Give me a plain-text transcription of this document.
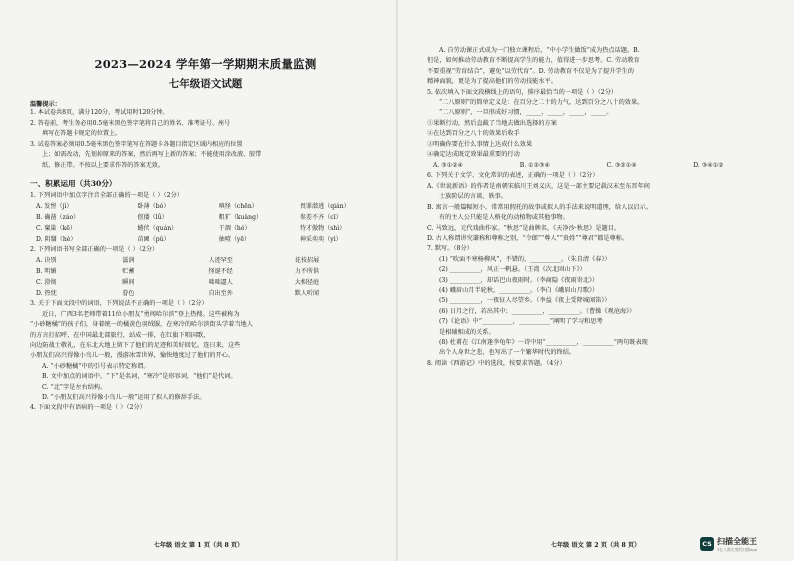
2023—2024 学年第一学期期末质量监测
七年级语文试题
温馨提示：
1. 本试卷共8页，满分120分，考试用时120分钟。
2. 答卷前，考生务必用0.5毫米黑色签字笔将自己的姓名、准考证号、座号
填写在答题卡规定的位置上。
3. 试卷答案必须用0.5毫米黑色签字笔写在答题卡各题目指定区域内相应的位置
上；如需改动，先划掉原来的答案，然后再写上新的答案；不能使用涂改液、胶带
纸、修正带。不按以上要求作答的答案无效。
一、积累运用（共30分）
1. 下列词语中加点字注音全部正确的一项是（ ）（2分）
A. 发髻（jì）	卧薄（bó）	嗔怪（chēn）	畏罪潜逃（qián）
B. 确凿（záo）	伛偻（lǚ）	粗犷（kuàng）	参差不齐（cī）
C. 窠巢（kē）	蜷伏（quán）	干涸（hé）	恃才傲物（shì）
D. 阴翳（hè）	苗圃（pǔ）	抽噎（yē）	神采奕奕（yì）
2. 下列词语书写全部正确的一项是（ ）（2分）
A. 诀别	滋润	人迹罕至	花枝招展
B. 明媚	贮蓄	怪诞不经	力不所供
C. 澄彻	瞬间	咄咄逼人	大相径庭
D. 热忱	眷色	自出至外	默人听闻
3. 关于下面文段中的词语，下列说法不正确的一项是（ ）（2分）
近日，广西3名老师带着11位小朋友“勇闯哈尔滨”登上热搜。这些被称为
“小砂糖橘”的孩子们，身着统一的橘黄色羽绒服，在寒冷的哈尔滨街头学着当地人
的方言打招呼，在中国最北部旅行，站成一排，在红旗下唱国歌，
向边防战士敬礼，在东北大地上留下了他们的足迹和美好回忆。连日来，这些
小朋友们高兴得像小鸟儿一般，漫游冰雪世界，愉快地度过了他们的开心。
A. “小砂糖橘”中的引号表示特定称谓。
B. 文中加点的词语中，“下”是名词，“寒冷”是形容词，“他们”是代词。
C. “北”字是左右结构。
D. “小朋友们高兴得像小鸟儿一般”运用了拟人的修辞手法。
4. 下面文段中有语病的一项是（ ）（2分）
七年级 语文 第 1 页（共 8 页）
A. 自劳动课正式成为一门独立课程后，“中小学生做饭”成为热点话题。B.
但是，如何推动劳动教育不断提高学生的能力，值得进一步思考。C. 劳动教育
不要重视“劳育结合”，避免“以劳代育”。D. 劳动教育不仅是为了提升学生的
精神面貌，更是为了提高他们的劳动技能水平。
5. 依次填入下面文段横线上的语句，排序最恰当的一项是（ ）（2分）
“二八原则”的简单定义是：在百分之二十的力气，达到百分之八十的效果。
“二八原则”，一旦形成好习惯，_____，_____，_____，_____。
①果断行动，然后直截了当地去做出选择的方案
②在达到百分之八十的效果后收手
③明确你要在什么事情上达成什么效果
④确定达成既定效果最重要的行动
A. ③①②④	B. ①②③④	C. ③②①④	D. ③④①②
6. 下列关于文学、文化常识的表述，正确的一项是（ ）（2分）
A.《世说新语》的作者是南朝宋临川王刘义庆，这是一部主要记载汉末至东晋年间
士族阶层的言谈、轶事。
B. 寓言一般篇幅短小，常常用假托的故事或拟人的手法来说明道理，给人以启示。
有的主人公只能是人格化的动植物或其他事物。
C. 马致远，元代戏曲作家。“秋思”是曲牌名，《天净沙·秋思》是题目。
D. 古人称谓讲究谦称和尊称之别，“令郎”“尊人”“贵姓”“尊君”都是尊称。
7. 默写。（8分）
(1) “吹面不寒杨柳风”，不错的，__________。（朱自清《春》）
(2) __________，风正一帆悬。（王湾《次北固山下》）
(3) __________，却话巴山夜雨时。（李商隐《夜雨寄北》）
(4) 峨眉山月半轮秋，__________。（李白《峨眉山月歌》）
(5) __________，一夜征人尽望乡。（李益《夜上受降城闻笛》）
(6) 日月之行，若出其中；__________，__________。（曹操《观沧海》）
(7)《论语》中“__________，__________”阐明了学习和思考
是相辅相成的关系。
(8) 杜甫在《江南逢李龟年》一诗中用“__________，__________”两句既表现
出个人身世之悲，也写出了一个繁华时代的终结。
8. 阅读《西游记》中的选段，按要求答题。（4分）
七年级 语文 第 2 页（共 8 页）	CS 扫描全能王
3亿人都在用的扫描App
